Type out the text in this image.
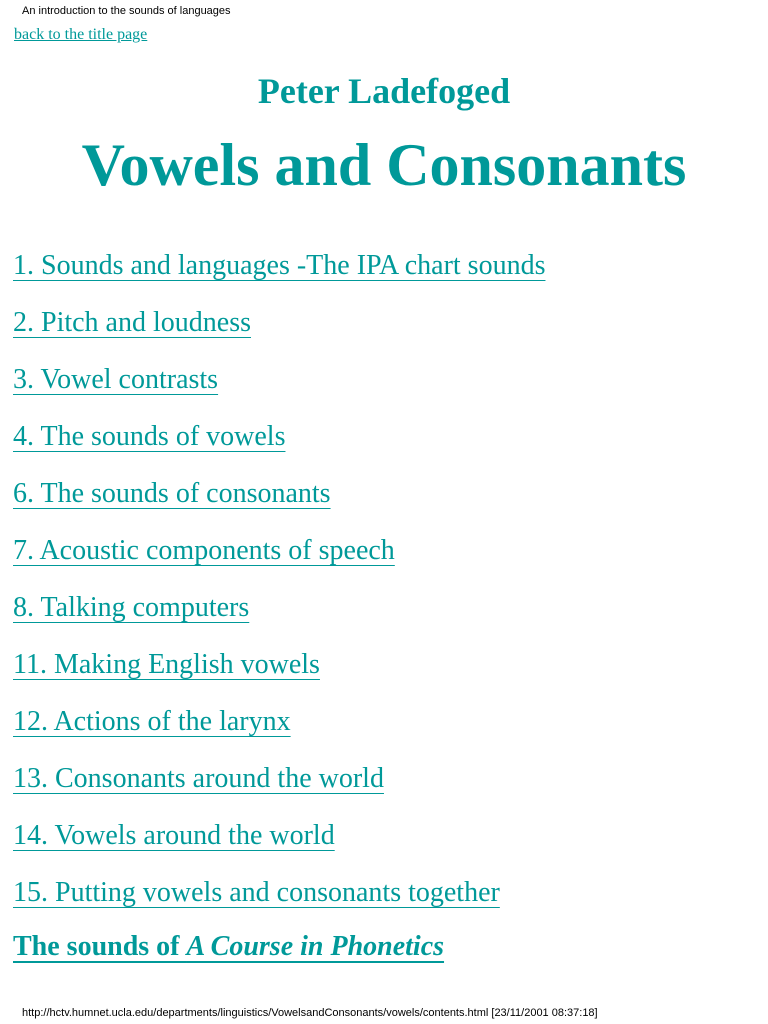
An introduction to the sounds of languages
back to the title page
Peter Ladefoged
Vowels and Consonants
1. Sounds and languages -The IPA chart sounds
2. Pitch and loudness
3. Vowel contrasts
4. The sounds of vowels
6. The sounds of consonants
7. Acoustic components of speech
8. Talking computers
11. Making English vowels
12. Actions of the larynx
13. Consonants around the world
14. Vowels around the world
15. Putting vowels and consonants together
The sounds of A Course in Phonetics
http://hctv.humnet.ucla.edu/departments/linguistics/VowelsandConsonants/vowels/contents.html [23/11/2001 08:37:18]
